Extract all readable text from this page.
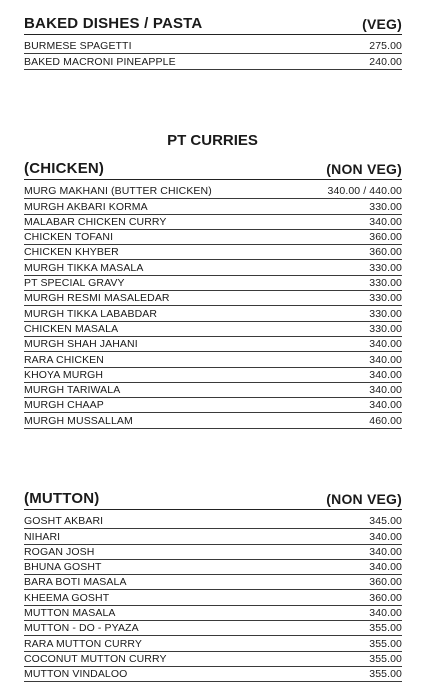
BAKED DISHES / PASTA	(VEG)
BURMESE SPAGETTI	275.00
BAKED MACRONI PINEAPPLE	240.00
PT CURRIES
(CHICKEN)	(NON VEG)
MURG MAKHANI (BUTTER CHICKEN)	340.00 / 440.00
MURGH AKBARI KORMA	330.00
MALABAR CHICKEN CURRY	340.00
CHICKEN TOFANI	360.00
CHICKEN KHYBER	360.00
MURGH TIKKA MASALA	330.00
PT SPECIAL GRAVY	330.00
MURGH RESMI MASALEDAR	330.00
MURGH TIKKA LABABDAR	330.00
CHICKEN MASALA	330.00
MURGH SHAH JAHANI	340.00
RARA CHICKEN	340.00
KHOYA MURGH	340.00
MURGH TARIWALA	340.00
MURGH CHAAP	340.00
MURGH MUSSALLAM	460.00
(MUTTON)	(NON VEG)
GOSHT AKBARI	345.00
NIHARI	340.00
ROGAN JOSH	340.00
BHUNA GOSHT	340.00
BARA BOTI MASALA	360.00
KHEEMA GOSHT	360.00
MUTTON MASALA	340.00
MUTTON - DO - PYAZA	355.00
RARA MUTTON CURRY	355.00
COCONUT MUTTON CURRY	355.00
MUTTON VINDALOO	355.00
